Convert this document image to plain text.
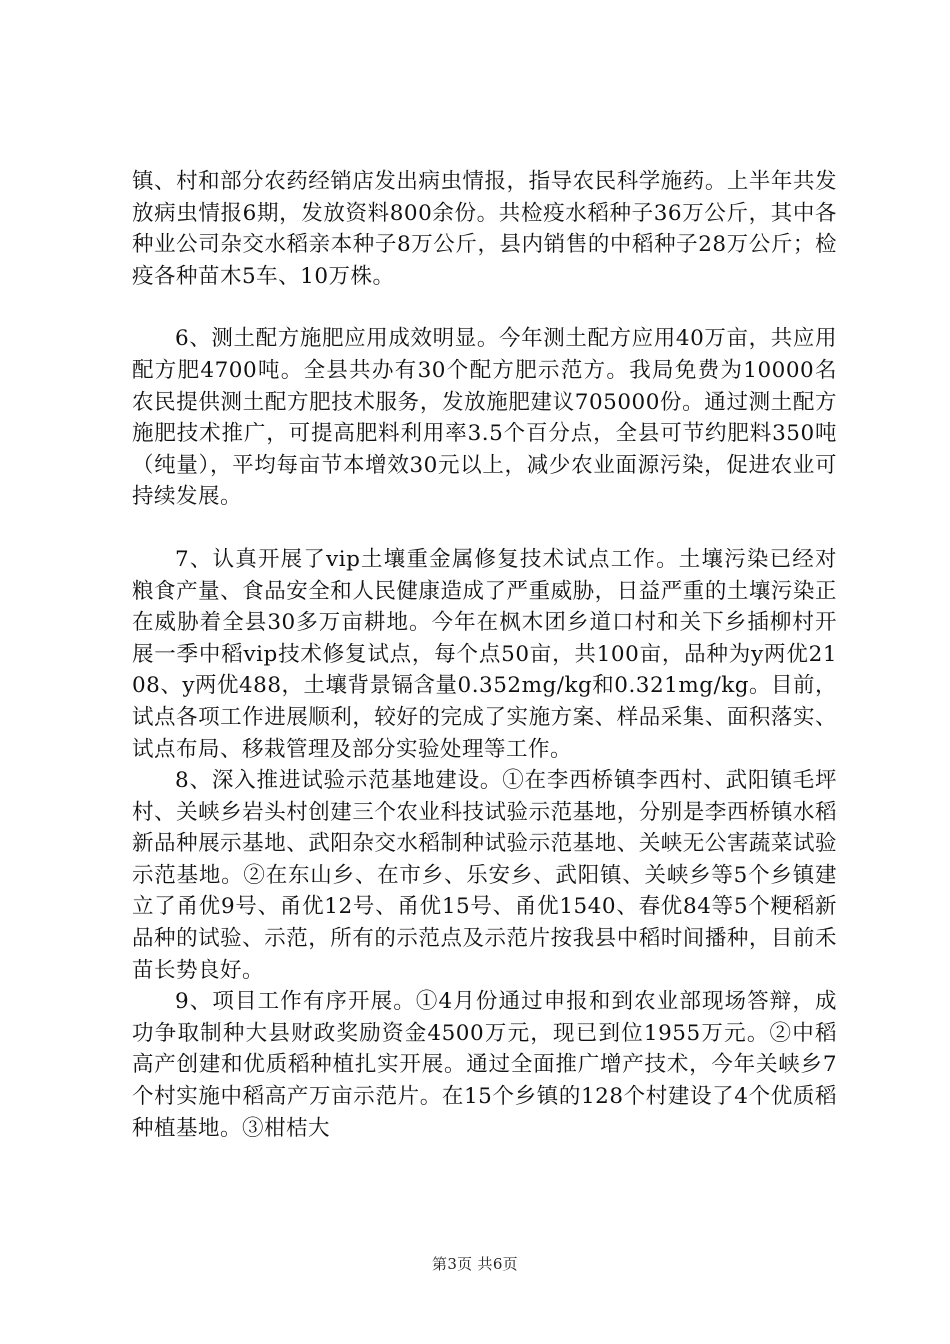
镇、村和部分农药经销店发出病虫情报，指导农民科学施药。上半年共发放病虫情报6期，发放资料800余份。共检疫水稻种子36万公斤，其中各种业公司杂交水稻亲本种子8万公斤，县内销售的中稻种子28万公斤；检疫各种苗木5车、10万株。

6、测土配方施肥应用成效明显。今年测土配方应用40万亩，共应用配方肥4700吨。全县共办有30个配方肥示范方。我局免费为10000名农民提供测土配方肥技术服务，发放施肥建议705000份。通过测土配方施肥技术推广，可提高肥料利用率3.5个百分点，全县可节约肥料350吨（纯量），平均每亩节本增效30元以上，减少农业面源污染，促进农业可持续发展。

7、认真开展了vip土壤重金属修复技术试点工作。土壤污染已经对粮食产量、食品安全和人民健康造成了严重威胁，日益严重的土壤污染正在威胁着全县30多万亩耕地。今年在枫木团乡道口村和关下乡插柳村开展一季中稻vip技术修复试点，每个点50亩，共100亩，品种为y两优2108、y两优488，土壤背景镉含量0.352mg/kg和0.321mg/kg。目前，试点各项工作进展顺利，较好的完成了实施方案、样品采集、面积落实、试点布局、移栽管理及部分实验处理等工作。

8、深入推进试验示范基地建设。①在李西桥镇李西村、武阳镇毛坪村、关峡乡岩头村创建三个农业科技试验示范基地，分别是李西桥镇水稻新品种展示基地、武阳杂交水稻制种试验示范基地、关峡无公害蔬菜试验示范基地。②在东山乡、在市乡、乐安乡、武阳镇、关峡乡等5个乡镇建立了甬优9号、甬优12号、甬优15号、甬优1540、春优84等5个粳稻新品种的试验、示范，所有的示范点及示范片按我县中稻时间播种，目前禾苗长势良好。

9、项目工作有序开展。①4月份通过申报和到农业部现场答辩，成功争取制种大县财政奖励资金4500万元，现已到位1955万元。②中稻高产创建和优质稻种植扎实开展。通过全面推广增产技术，今年关峡乡7个村实施中稻高产万亩示范片。在15个乡镇的128个村建设了4个优质稻种植基地。③柑桔大

第3页 共6页
